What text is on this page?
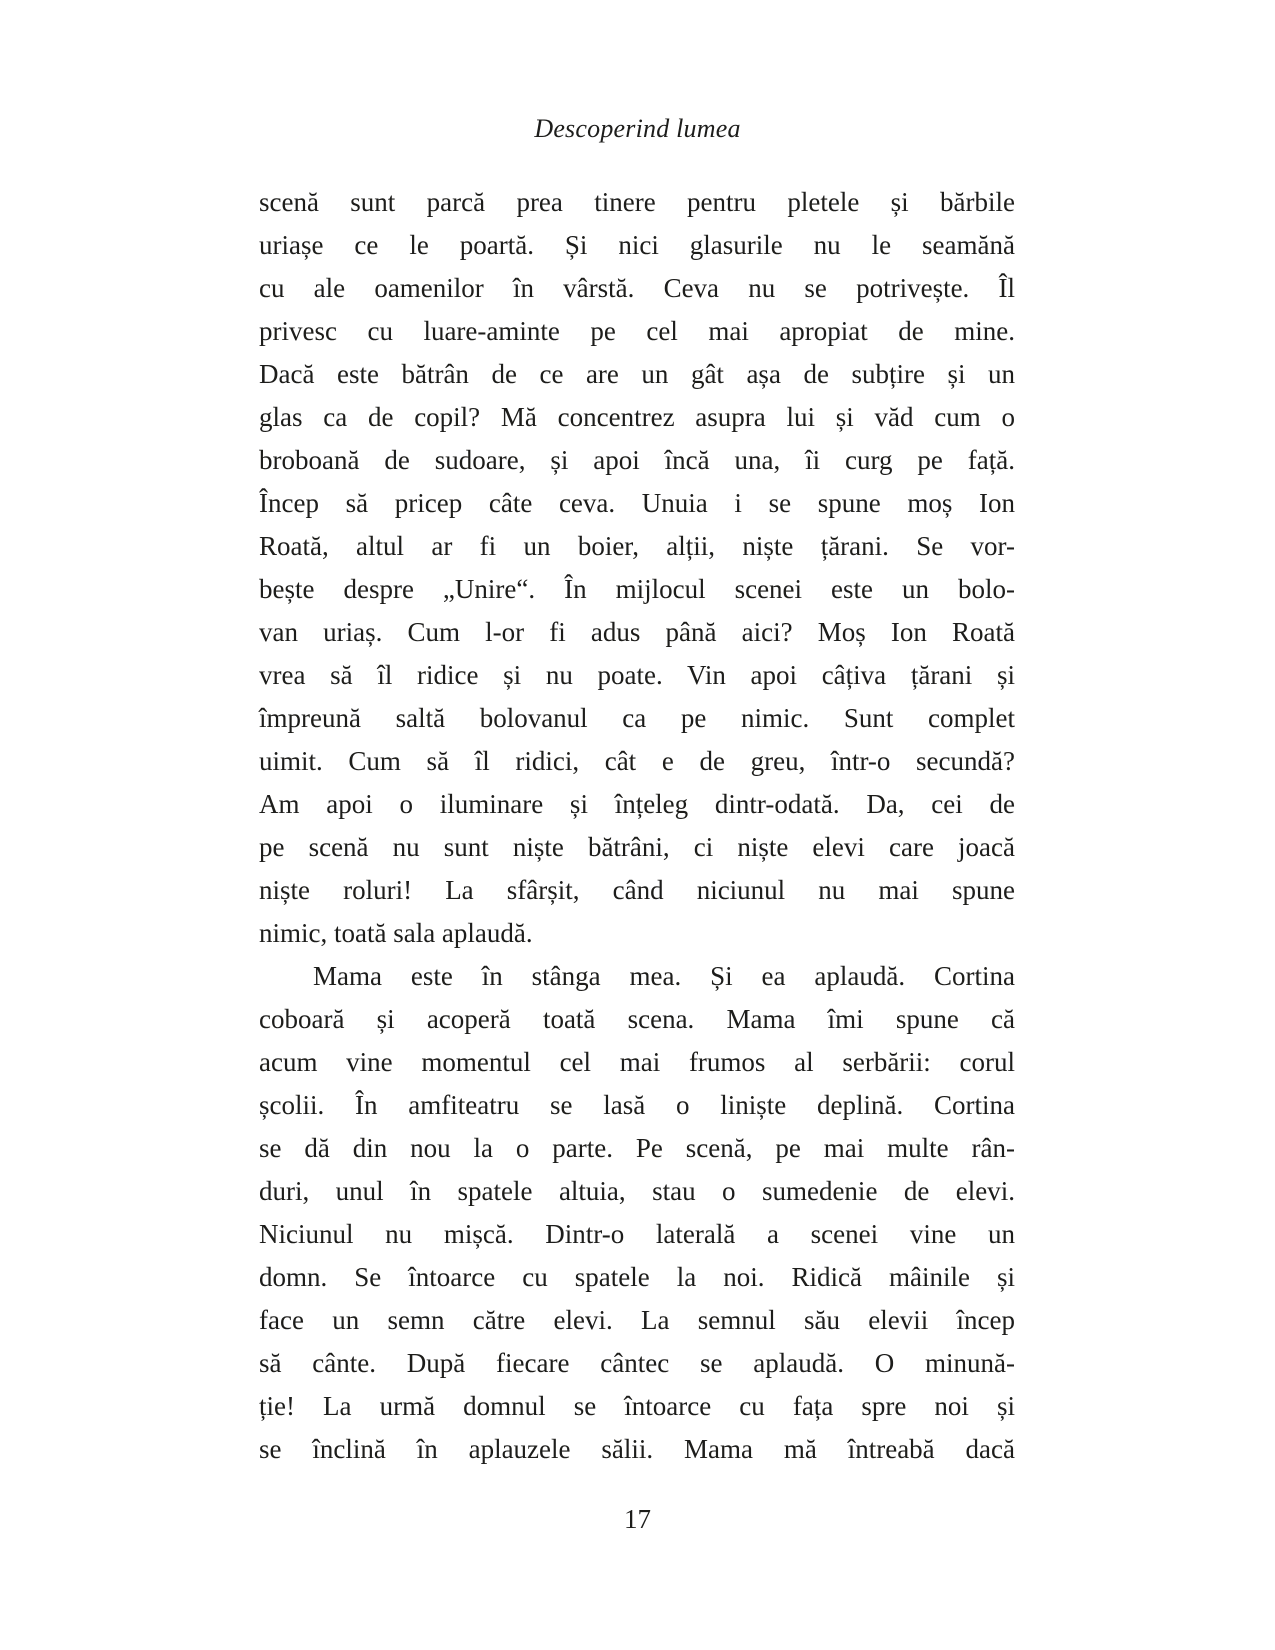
Descoperind lumea
scenă sunt parcă prea tinere pentru pletele și bărbile
uriașe ce le poartă. Și nici glasurile nu le seamănă
cu ale oamenilor în vârstă. Ceva nu se potrivește. Îl
privesc cu luare-aminte pe cel mai apropiat de mine.
Dacă este bătrân de ce are un gât așa de subțire și un
glas ca de copil? Mă concentrez asupra lui și văd cum o
broboană de sudoare, și apoi încă una, îi curg pe față.
Încep să pricep câte ceva. Unuia i se spune moș Ion
Roată, altul ar fi un boier, alții, niște țărani. Se vor-
bește despre „Unire“. În mijlocul scenei este un bolo-
van uriaș. Cum l-or fi adus până aici? Moș Ion Roată
vrea să îl ridice și nu poate. Vin apoi câțiva țărani și
împreună saltă bolovanul ca pe nimic. Sunt complet
uimit. Cum să îl ridici, cât e de greu, într-o secundă?
Am apoi o iluminare și înțeleg dintr-odată. Da, cei de
pe scenă nu sunt niște bătrâni, ci niște elevi care joacă
niște roluri! La sfârșit, când niciunul nu mai spune
nimic, toată sala aplaudă.
Mama este în stânga mea. Și ea aplaudă. Cortina
coboară și acoperă toată scena. Mama îmi spune că
acum vine momentul cel mai frumos al serbării: corul
școlii. În amfiteatru se lasă o liniște deplină. Cortina
se dă din nou la o parte. Pe scenă, pe mai multe rân-
duri, unul în spatele altuia, stau o sumedenie de elevi.
Niciunul nu mișcă. Dintr-o laterală a scenei vine un
domn. Se întoarce cu spatele la noi. Ridică mâinile și
face un semn către elevi. La semnul său elevii încep
să cânte. După fiecare cântec se aplaudă. O minună-
ție! La urmă domnul se întoarce cu fața spre noi și
se înclină în aplauzele sălii. Mama mă întreabă dacă
17
